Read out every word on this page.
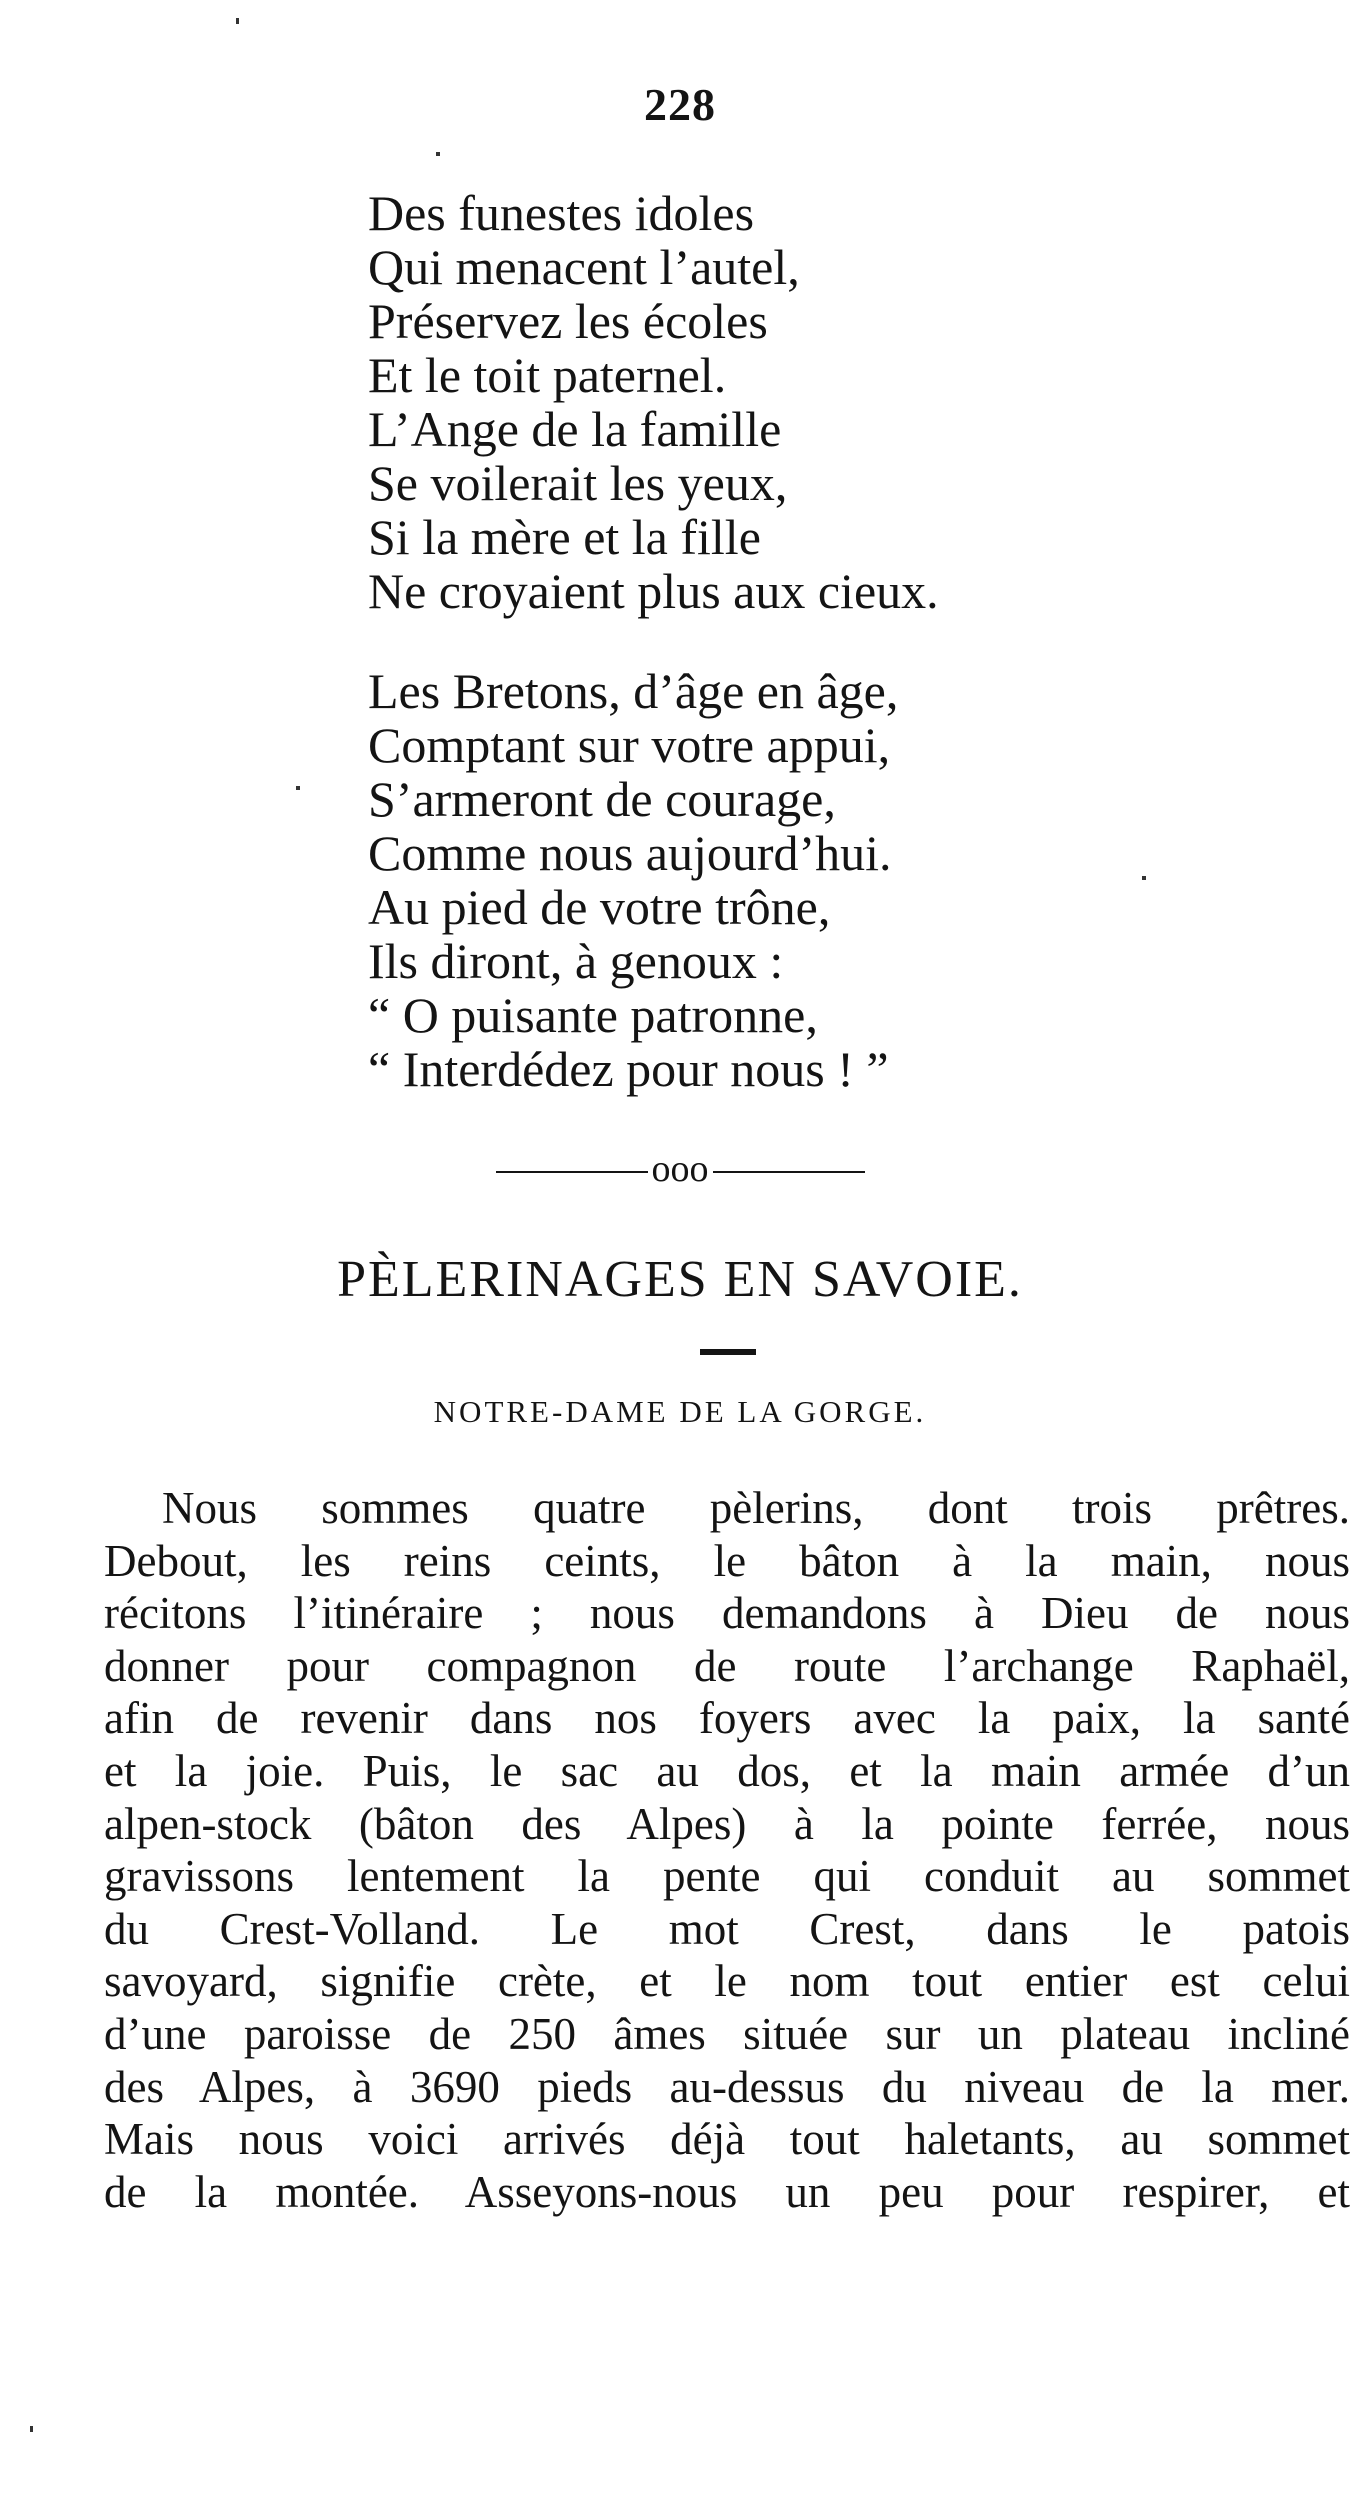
228
Des funestes idoles
Qui menacent l’autel,
Préservez les écoles
Et le toit paternel.
L’Ange de la famille
Se voilerait les yeux,
Si la mère et la fille
Ne croyaient plus aux cieux.
Les Bretons, d’âge en âge,
Comptant sur votre appui,
S’armeront de courage,
Comme nous aujourd’hui.
Au pied de votre trône,
Ils diront, à genoux :
“ O puisante patronne,
“ Interdédez pour nous ! ”
ooo
PÈLERINAGES EN SAVOIE.
NOTRE-DAME DE LA GORGE.
Nous sommes quatre pèlerins, dont trois prêtres.
Debout, les reins ceints, le bâton à la main, nous
récitons l’itinéraire ; nous demandons à Dieu de nous
donner pour compagnon de route l’archange Raphaël,
afin de revenir dans nos foyers avec la paix, la santé
et la joie. Puis, le sac au dos, et la main armée d’un
alpen-stock (bâton des Alpes) à la pointe ferrée, nous
gravissons lentement la pente qui conduit au sommet
du Crest-Volland. Le mot Crest, dans le patois
savoyard, signifie crète, et le nom tout entier est celui
d’une paroisse de 250 âmes située sur un plateau incliné
des Alpes, à 3690 pieds au-dessus du niveau de la mer.
Mais nous voici arrivés déjà tout haletants, au sommet
de la montée. Asseyons-nous un peu pour respirer, et
